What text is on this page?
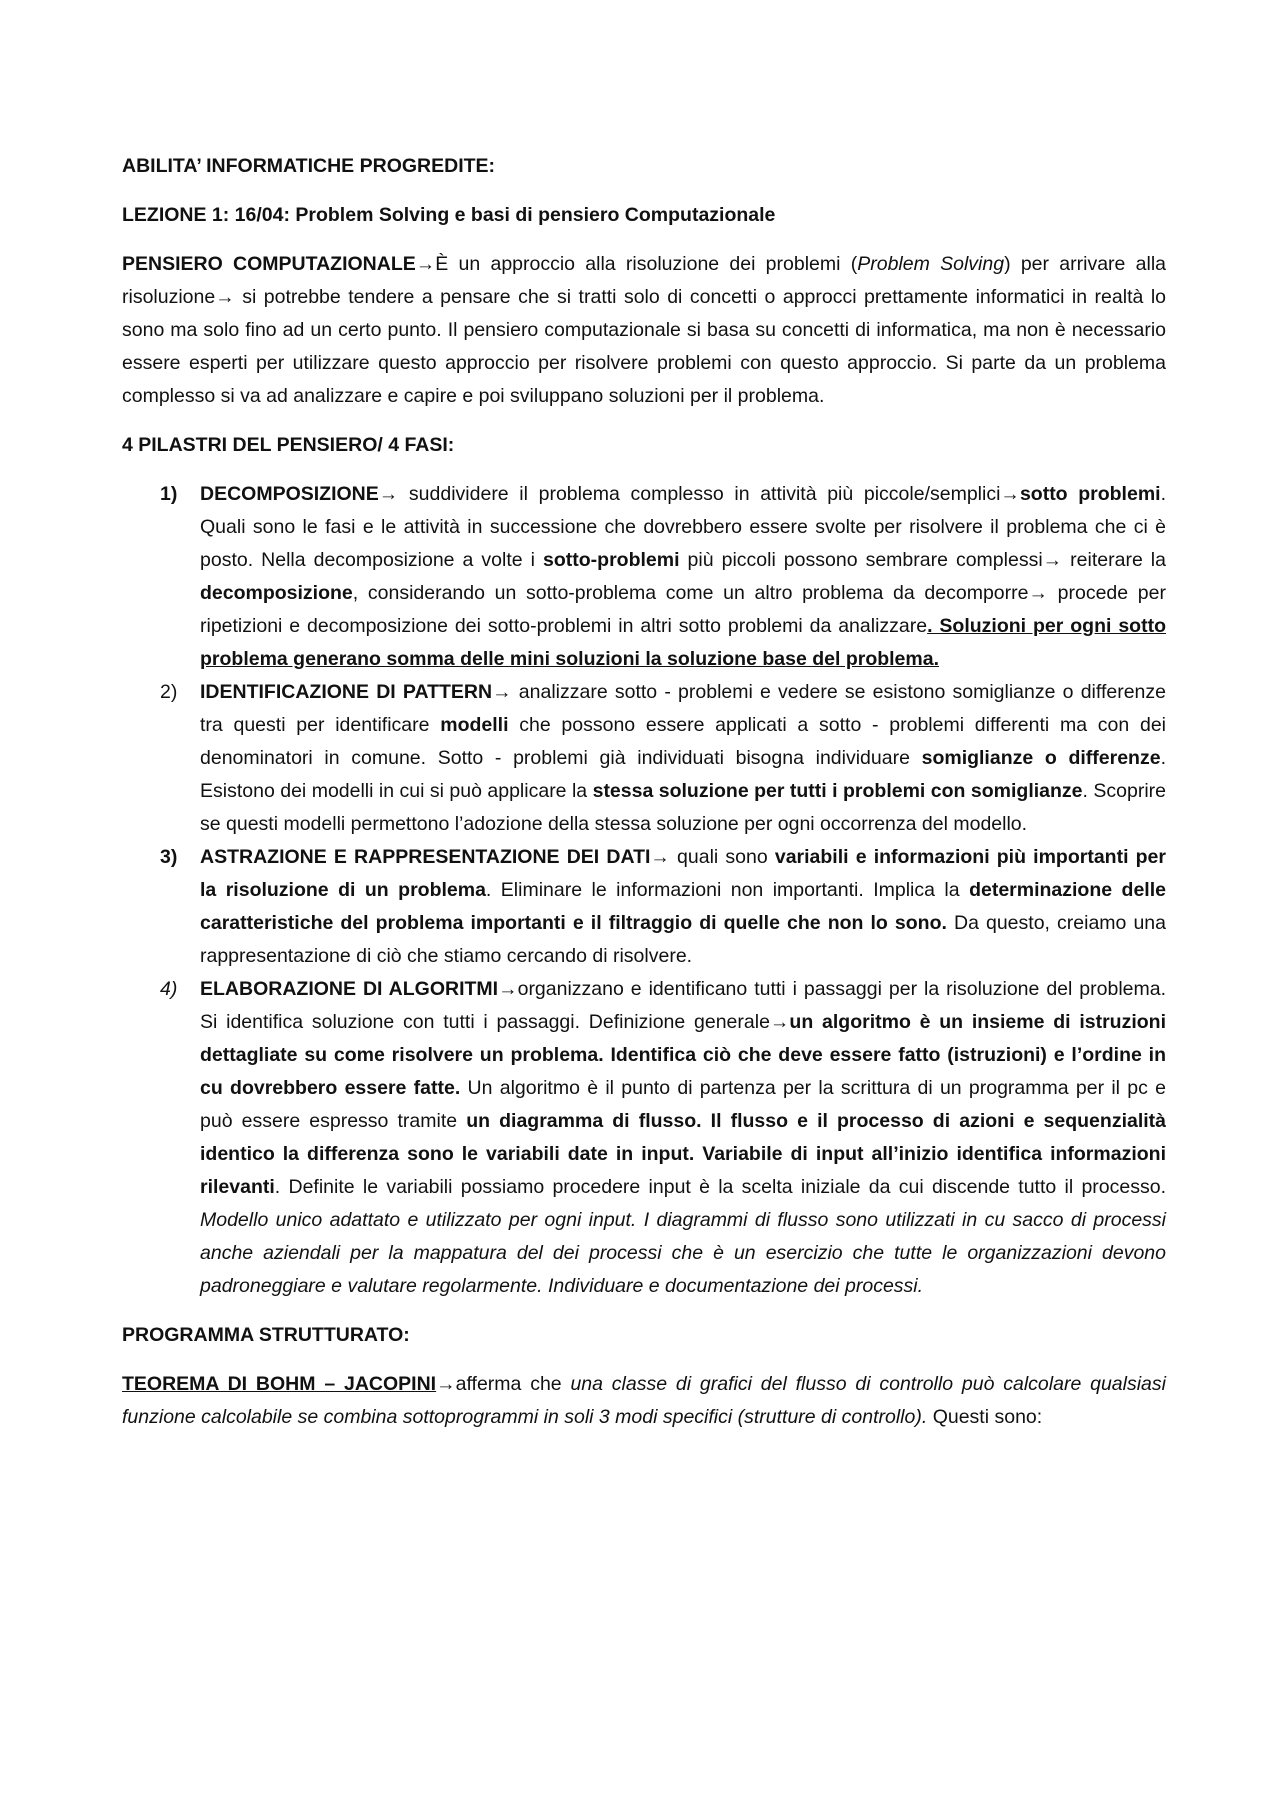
ABILITA’ INFORMATICHE PROGREDITE:

LEZIONE 1: 16/04: Problem Solving e basi di pensiero Computazionale

PENSIERO COMPUTAZIONALE→È un approccio alla risoluzione dei problemi (Problem Solving) per arrivare alla risoluzione→ si potrebbe tendere a pensare che si tratti solo di concetti o approcci prettamente informatici in realtà lo sono ma solo fino ad un certo punto. Il pensiero computazionale si basa su concetti di informatica, ma non è necessario essere esperti per utilizzare questo approccio per risolvere problemi con questo approccio. Si parte da un problema complesso si va ad analizzare e capire e poi sviluppano soluzioni per il problema.

4 PILASTRI DEL PENSIERO/ 4 FASI:

1) DECOMPOSIZIONE→ suddividere il problema complesso in attività più piccole/semplici→sotto problemi. Quali sono le fasi e le attività in successione che dovrebbero essere svolte per risolvere il problema che ci è posto. Nella decomposizione a volte i sotto-problemi più piccoli possono sembrare complessi→ reiterare la decomposizione, considerando un sotto-problema come un altro problema da decomporre→ procede per ripetizioni e decomposizione dei sotto-problemi in altri sotto problemi da analizzare. Soluzioni per ogni sotto problema generano somma delle mini soluzioni la soluzione base del problema.
2) IDENTIFICAZIONE DI PATTERN→ analizzare sotto - problemi e vedere se esistono somiglianze o differenze tra questi per identificare modelli che possono essere applicati a sotto - problemi differenti ma con dei denominatori in comune. Sotto - problemi già individuati bisogna individuare somiglianze o differenze. Esistono dei modelli in cui si può applicare la stessa soluzione per tutti i problemi con somiglianze. Scoprire se questi modelli permettono l’adozione della stessa soluzione per ogni occorrenza del modello.
3) ASTRAZIONE E RAPPRESENTAZIONE DEI DATI→ quali sono variabili e informazioni più importanti per la risoluzione di un problema. Eliminare le informazioni non importanti. Implica la determinazione delle caratteristiche del problema importanti e il filtraggio di quelle che non lo sono. Da questo, creiamo una rappresentazione di ciò che stiamo cercando di risolvere.
4) ELABORAZIONE DI ALGORITMI→organizzano e identificano tutti i passaggi per la risoluzione del problema. Si identifica soluzione con tutti i passaggi. Definizione generale→un algoritmo è un insieme di istruzioni dettagliate su come risolvere un problema. Identifica ciò che deve essere fatto (istruzioni) e l’ordine in cu dovrebbero essere fatte. Un algoritmo è il punto di partenza per la scrittura di un programma per il pc e può essere espresso tramite un diagramma di flusso. Il flusso e il processo di azioni e sequenzialità identico la differenza sono le variabili date in input. Variabile di input all’inizio identifica informazioni rilevanti. Definite le variabili possiamo procedere input è la scelta iniziale da cui discende tutto il processo. Modello unico adattato e utilizzato per ogni input. I diagrammi di flusso sono utilizzati in cu sacco di processi anche aziendali per la mappatura del dei processi che è un esercizio che tutte le organizzazioni devono padroneggiare e valutare regolarmente. Individuare e documentazione dei processi.

PROGRAMMA STRUTTURATO:

TEOREMA DI BOHM – JACOPINI→afferma che una classe di grafici del flusso di controllo può calcolare qualsiasi funzione calcolabile se combina sottoprogrammi in soli 3 modi specifici (strutture di controllo). Questi sono:
